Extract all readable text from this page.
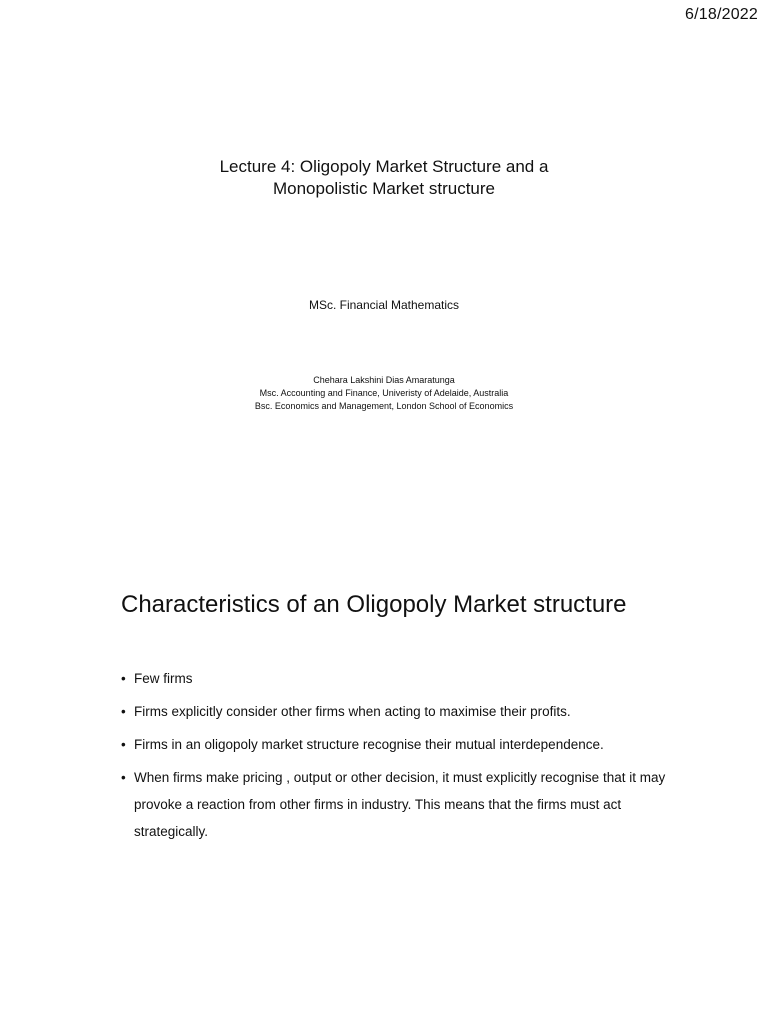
6/18/2022
Lecture 4: Oligopoly Market Structure and a
Monopolistic Market structure

MSc. Financial Mathematics

Chehara Lakshini Dias Amaratunga
Msc. Accounting and Finance, Univeristy of Adelaide, Australia
Bsc. Economics and Management, London School of Economics
Characteristics of an Oligopoly Market structure
• Few firms
• Firms explicitly consider other firms when acting to maximise their profits.
• Firms in an oligopoly market structure recognise their mutual interdependence.
• When firms make pricing , output or other decision, it must explicitly recognise that it may provoke a reaction from other firms in industry. This means that the firms must act strategically.
